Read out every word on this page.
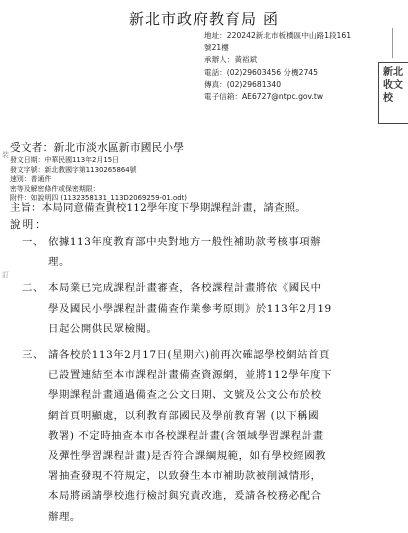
新北市政府教育局 函
地址：220242新北市板橋區中山路1段161
號21樓
承辦人：黃裕斌
電話：(02)29603456 分機2745
傳真：(02)29681340
電子信箱：AE6727@ntpc.gov.tw
新北
收文
校
受文者：新北市淡水區新市國民小學
發文日期：中華民國113年2月15日
發文字號：新北教國字第1130265864號
速別：普通件
密等及解密條件或保密期限：
附件：如說明四 (1132358131_113D2069259-01.odt)
主旨：本局同意備查貴校112學年度下學期課程計畫，請查照。
說明：
一、 依據113年度教育部中央對地方一般性補助款考核事項辦
理。
二、 本局業已完成課程計畫審查，各校課程計畫將依《國民中
學及國民小學課程計畫備查作業參考原則》於113年2月19
日起公開供民眾檢閱。
三、 請各校於113年2月17日(星期六)前再次確認學校網站首頁
已設置連結至本市課程計畫備查資源網，並將112學年度下
學期課程計畫通過備查之公文日期、文號及公文公布於校
網首頁明顯處，以利教育部國民及學前教育署 (以下稱國
教署) 不定時抽查本市各校課程計畫(含領域學習課程計畫
及彈性學習課程計畫)是否符合課綱規範，如有學校經國教
署抽查發現不符規定，以致發生本市補助款被削減情形，
本局將函請學校進行檢討與究責改進，爰請各校務必配合
辦理。
裝
訂
